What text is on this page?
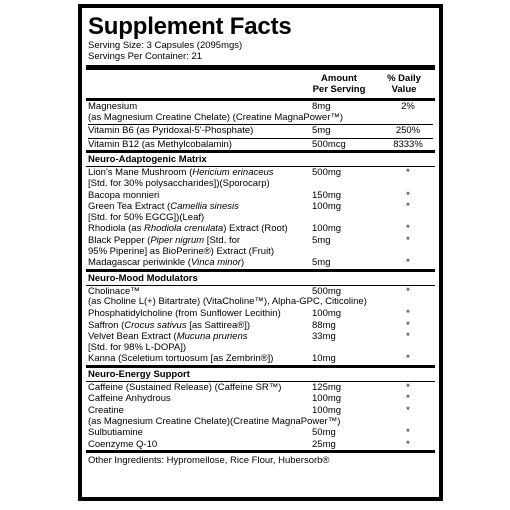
Supplement Facts
Serving Size: 3 Capsules (2095mgs)
Servings Per Container: 21
Amount
Per Serving
% Daily
Value
Magnesium
(as Magnesium Creatine Chelate) (Creatine MagnaPower™)
8mg	2%
Vitamin B6 (as Pyridoxal-5'-Phosphate)	5mg	250%
Vitamin B12 (as Methylcobalamin)	500mcg	8333%
Neuro-Adaptogenic Matrix
Lion's Mane Mushroom (Hericium erinaceus
[Std. for 30% polysaccharides])(Sporocarp)
500mg	*
Bacopa monnieri	150mg	*
Green Tea Extract (Camellia sinesis
[Std. for 50% EGCG])(Leaf)
100mg	*
Rhodiola (as Rhodiola crenulata) Extract (Root)	100mg	*
Black Pepper (Piper nigrum [Std. for
95% Piperine] as BioPerine®) Extract (Fruit)
5mg	*
Madagascar periwinkle (Vinca minor)	5mg	*
Neuro-Mood Modulators
Cholinace™
(as Choline L(+) Bitartrate) (VitaCholine™), Alpha-GPC, Citicoline)
500mg	*
Phosphatidylcholine (from Sunflower Lecithin)	100mg	*
Saffron (Crocus sativus [as Sattirea®])	88mg	*
Velvet Bean Extract (Mucuna pruriens
[Std. for 98% L-DOPA])
33mg	*
Kanna (Sceletium tortuosum [as Zembrin®])	10mg	*
Neuro-Energy Support
Caffeine (Sustained Release) (Caffeine SR™)	125mg	*
Caffeine Anhydrous	100mg	*
Creatine
(as Magnesium Creatine Chelate)(Creatine MagnaPower™)
100mg	*
Sulbutiamine	50mg	*
Coenzyme Q-10	25mg	*
Other Ingredients: Hypromellose, Rice Flour, Hubersorb®
